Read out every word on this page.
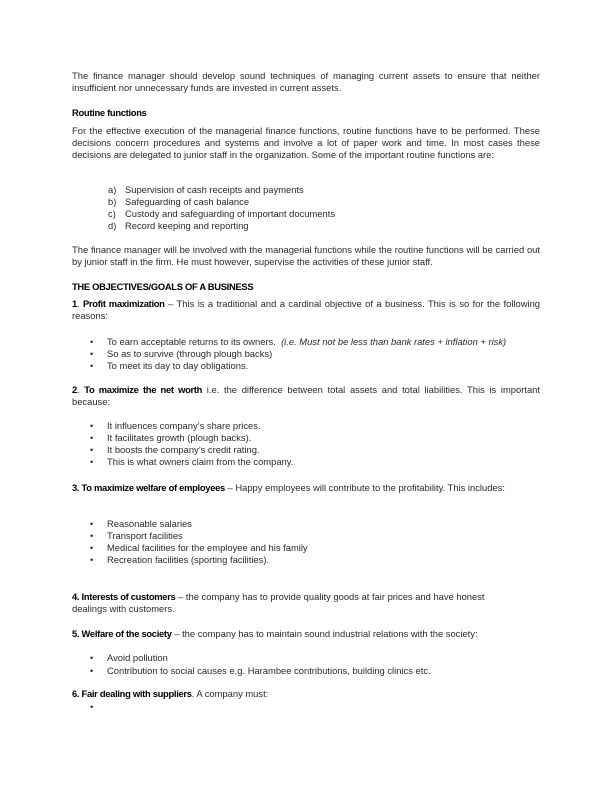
The finance manager should develop sound techniques of managing current assets to ensure that neither insufficient nor unnecessary funds are invested in current assets.
Routine functions
For the effective execution of the managerial finance functions, routine functions have to be performed. These decisions concern procedures and systems and involve a lot of paper work and time. In most cases these decisions are delegated to junior staff in the organization. Some of the important routine functions are:
a) Supervision of cash receipts and payments
b) Safeguarding of cash balance
c) Custody and safeguarding of important documents
d) Record keeping and reporting
The finance manager will be involved with the managerial functions while the routine functions will be carried out by junior staff in the firm. He must however, supervise the activities of these junior staff.
THE OBJECTIVES/GOALS OF A BUSINESS
1. Profit maximization – This is a traditional and a cardinal objective of a business. This is so for the following reasons:
• To earn acceptable returns to its owners. (i.e. Must not be less than bank rates + inflation + risk)
• So as to survive (through plough backs)
• To meet its day to day obligations.
2. To maximize the net worth i.e. the difference between total assets and total liabilities. This is important because:
• It influences company’s share prices.
• It facilitates growth (plough backs).
• It boosts the company’s credit rating.
• This is what owners claim from the company.
3. To maximize welfare of employees – Happy employees will contribute to the profitability. This includes:
• Reasonable salaries
• Transport facilities
• Medical facilities for the employee and his family
• Recreation facilities (sporting facilities).
4. Interests of customers – the company has to provide quality goods at fair prices and have honest
dealings with customers.
5. Welfare of the society – the company has to maintain sound industrial relations with the society:
• Avoid pollution
• Contribution to social causes e.g. Harambee contributions, building clinics etc.
6. Fair dealing with suppliers. A company must:
•
